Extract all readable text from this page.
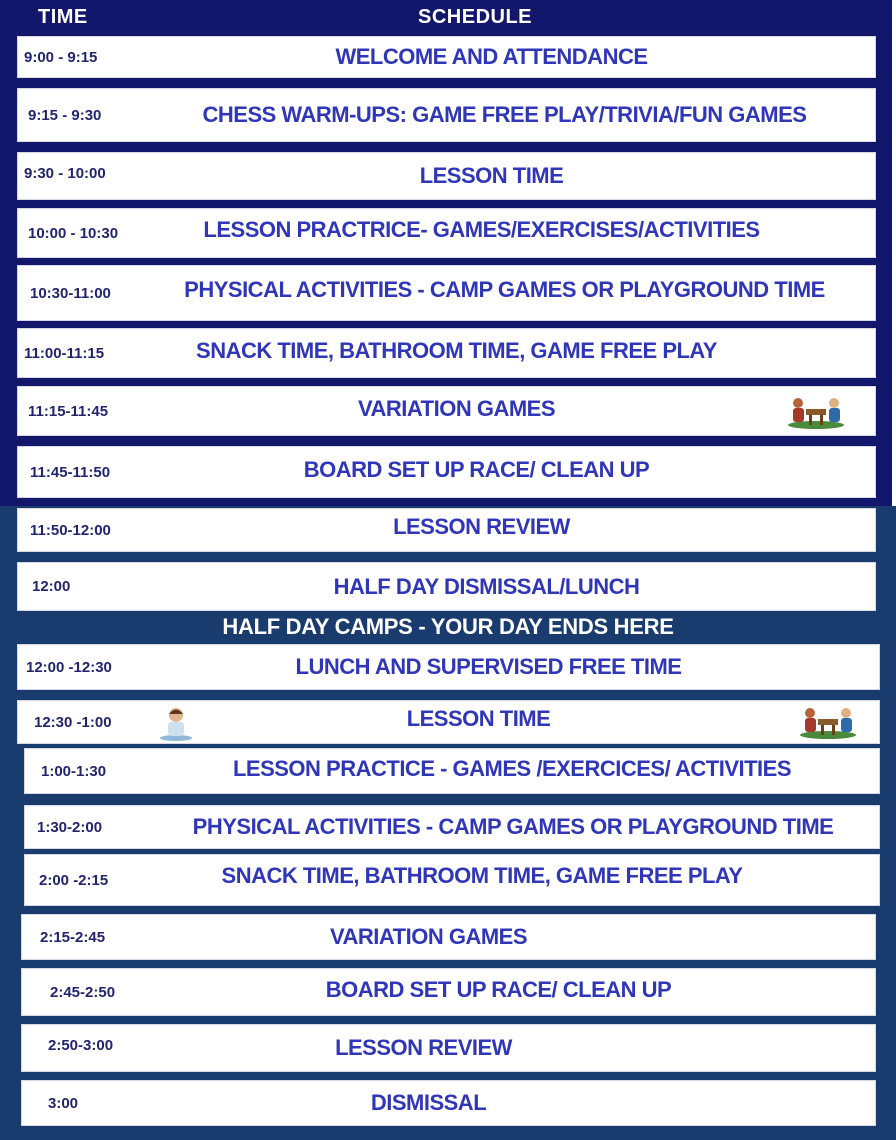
TIME	SCHEDULE
9:00 - 9:15	WELCOME AND ATTENDANCE
9:15 - 9:30	CHESS WARM-UPS: GAME FREE PLAY/TRIVIA/FUN GAMES
9:30 - 10:00	LESSON TIME
10:00 - 10:30	LESSON PRACTRICE- GAMES/EXERCISES/ACTIVITIES
10:30-11:00	PHYSICAL ACTIVITIES - CAMP GAMES OR PLAYGROUND TIME
11:00-11:15	SNACK TIME, BATHROOM TIME, GAME FREE PLAY
11:15-11:45	VARIATION GAMES
11:45-11:50	BOARD SET UP RACE/ CLEAN UP
11:50-12:00	LESSON REVIEW
12:00	HALF DAY DISMISSAL/LUNCH
HALF DAY CAMPS - YOUR DAY ENDS HERE
12:00 -12:30	LUNCH AND SUPERVISED FREE TIME
12:30 -1:00	LESSON TIME
1:00-1:30	LESSON PRACTICE - GAMES /EXERCICES/ ACTIVITIES
1:30-2:00	PHYSICAL ACTIVITIES - CAMP GAMES OR PLAYGROUND TIME
2:00 -2:15	SNACK TIME, BATHROOM TIME, GAME FREE PLAY
2:15-2:45	VARIATION GAMES
2:45-2:50	BOARD SET UP RACE/ CLEAN UP
2:50-3:00	LESSON REVIEW
3:00	DISMISSAL
